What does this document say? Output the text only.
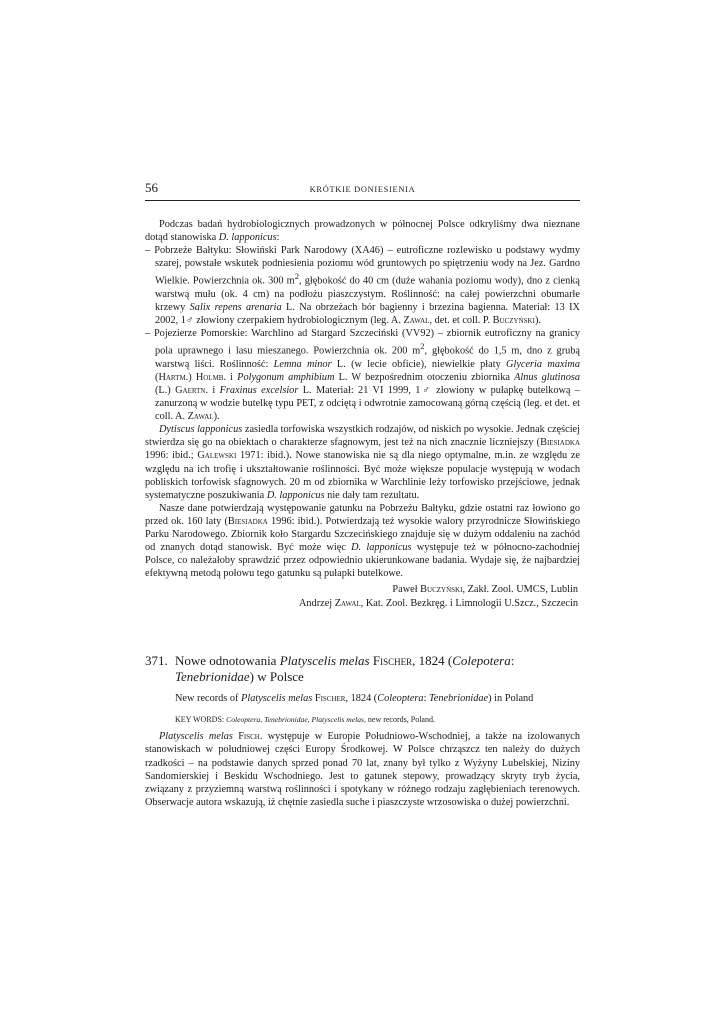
56	KRÓTKIE DONIESIENIA

Podczas badań hydrobiologicznych prowadzonych w północnej Polsce odkryliśmy dwa nieznane dotąd stanowiska D. lapponicus:

– Pobrzeże Bałtyku: Słowiński Park Narodowy (XA46) – eutroficzne rozlewisko u podstawy wydmy szarej, powstałe wskutek podniesienia poziomu wód gruntowych po spiętrzeniu wody na Jez. Gardno Wielkie. Powierzchnia ok. 300 $m^2$, głębokość do 40 cm (duże wahania poziomu wody), dno z cienką warstwą mułu (ok. 4 cm) na podłożu piaszczystym. Roślinność: na całej powierzchni obumarłe krzewy Salix repens arenaria L. Na obrzeżach bór bagienny i brzezina bagienna. Materiał: 13 IX 2002, 1♂ złowiony czerpakiem hydrobiologicznym (leg. A. Zawal, det. et coll. P. Buczyński).

– Pojezierze Pomorskie: Warchlino ad Stargard Szczeciński (VV92) – zbiornik eutroficzny na granicy pola uprawnego i lasu mieszanego. Powierzchnia ok. 200 $m^2$, głębokość do 1,5 m, dno z grubą warstwą liści. Roślinność: Lemna minor L. (w lecie obficie), niewielkie płaty Glyceria maxima (Hartm.) Holmb. i Polygonum amphibium L. W bezpośrednim otoczeniu zbiornika Alnus glutinosa (L.) Gaertn. i Fraxinus excelsior L. Materiał: 21 VI 1999, 1♂ złowiony w pułapkę butelkową – zanurzoną w wodzie butelkę typu PET, z odciętą i odwrotnie zamocowaną górną częścią (leg. et det. et coll. A. Zawal).

Dytiscus lapponicus zasiedla torfowiska wszystkich rodzajów, od niskich po wysokie. Jednak częściej stwierdza się go na obiektach o charakterze sfagnowym, jest też na nich znacznie liczniejszy (Biesiadka 1996: ibid.; Galewski 1971: ibid.). Nowe stanowiska nie są dla niego optymalne, m.in. ze względu ze względu na ich trofię i ukształtowanie roślinności. Być może większe populacje występują w wodach pobliskich torfowisk sfagnowych. 20 m od zbiornika w Warchlinie leży torfowisko przejściowe, jednak systematyczne poszukiwania D. lapponicus nie dały tam rezultatu.

Nasze dane potwierdzają występowanie gatunku na Pobrzeżu Bałtyku, gdzie ostatni raz łowiono go przed ok. 160 laty (Biesiadka 1996: ibid.). Potwierdzają też wysokie walory przyrodnicze Słowińskiego Parku Narodowego. Zbiornik koło Stargardu Szczecińskiego znajduje się w dużym oddaleniu na zachód od znanych dotąd stanowisk. Być może więc D. lapponicus występuje też w północno-zachodniej Polsce, co należałoby sprawdzić przez odpowiednio ukierunkowane badania. Wydaje się, że najbardziej efektywną metodą połowu tego gatunku są pułapki butelkowe.

Paweł Buczyński, Zakł. Zool. UMCS, Lublin
Andrzej Zawal, Kat. Zool. Bezkręg. i Limnologii U.Szcz., Szczecin
371. Nowe odnotowania Platyscelis melas Fischer, 1824 (Colepotera: Tenebrionidae) w Polsce
New records of Platyscelis melas Fischer, 1824 (Coleoptera: Tenebrionidae) in Poland
KEY WORDS: Coleoptera, Tenebrionidae, Platyscelis melas, new records, Poland.

Platyscelis melas Fisch. występuje w Europie Południowo-Wschodniej, a także na izolowanych stanowiskach w południowej części Europy Środkowej. W Polsce chrząszcz ten należy do dużych rzadkości – na podstawie danych sprzed ponad 70 lat, znany był tylko z Wyżyny Lubelskiej, Niziny Sandomierskiej i Beskidu Wschodniego. Jest to gatunek stepowy, prowadzący skryty tryb życia, związany z przyziemną warstwą roślinności i spotykany w różnego rodzaju zagłębieniach terenowych. Obserwacje autora wskazują, iż chętnie zasiedla suche i piaszczyste wrzosowiska o dużej powierzchni.
